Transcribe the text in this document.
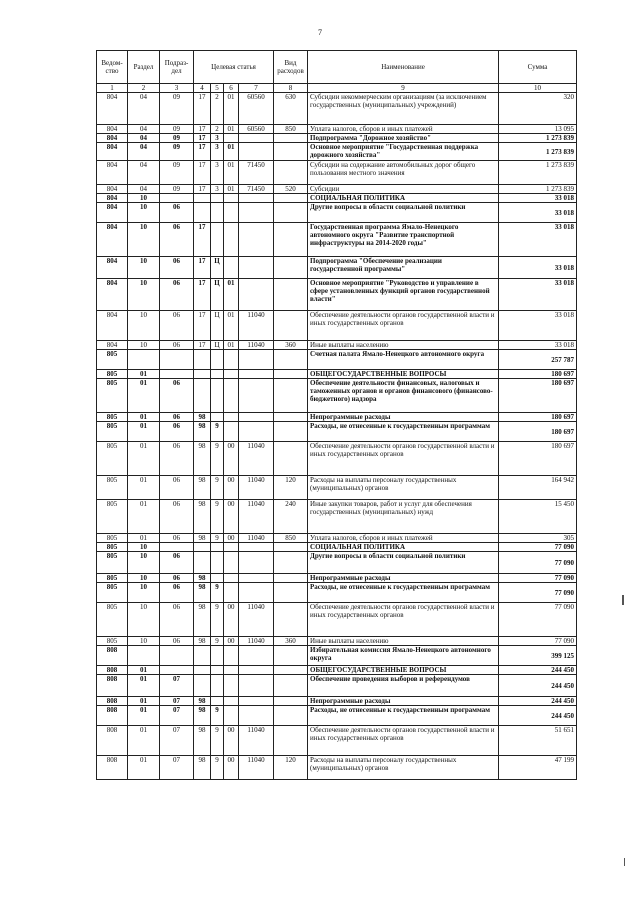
7
Ведом-ство	Раздел	Подраз-дел	Целевая статья				Вид расходов	Наименование	Сумма
1	2	3	4	5	6	7	8	9	10
804	04	09	17	2	01	60560	630	Субсидии некоммерческим организациям (за исключением государственных (муниципальных) учреждений)	320
804	04	09	17	2	01	60560	850	Уплата налогов, сборов и иных платежей	13 095
804	04	09	17	3				Подпрограмма "Дорожное хозяйство"	1 273 839
804	04	09	17	3	01			Основное мероприятие "Государственная поддержка дорожного хозяйства"	1 273 839
804	04	09	17	3	01	71450		Субсидии на содержание автомобильных дорог общего пользования местного значения	1 273 839
804	04	09	17	3	01	71450	520	Субсидии	1 273 839
804	10							СОЦИАЛЬНАЯ ПОЛИТИКА	33 018
804	10	06						Другие вопросы в области социальной политики	33 018
804	10	06	17					Государственная программа Ямало-Ненецкого автономного округа "Развитие транспортной инфраструктуры на 2014-2020 годы"	33 018
804	10	06	17	Ц				Подпрограмма "Обеспечение реализации государственной программы"	33 018
804	10	06	17	Ц	01			Основное мероприятие "Руководство и управление в сфере установленных функций органов государственной власти"	33 018
804	10	06	17	Ц	01	11040		Обеспечение деятельности органов государственной власти и иных государственных органов	33 018
804	10	06	17	Ц	01	11040	360	Иные выплаты населению	33 018
805								Счетная палата Ямало-Ненецкого автономного округа	257 787
805	01							ОБЩЕГОСУДАРСТВЕННЫЕ ВОПРОСЫ	180 697
805	01	06						Обеспечение деятельности финансовых, налоговых и таможенных органов и органов финансового (финансово-бюджетного) надзора	180 697
805	01	06	98					Непрограммные расходы	180 697
805	01	06	98	9				Расходы, не отнесенные к государственным программам	180 697
805	01	06	98	9	00	11040		Обеспечение деятельности органов государственной власти и иных государственных органов	180 697
805	01	06	98	9	00	11040	120	Расходы на выплаты персоналу государственных (муниципальных) органов	164 942
805	01	06	98	9	00	11040	240	Иные закупки товаров, работ и услуг для обеспечения государственных (муниципальных) нужд	15 450
805	01	06	98	9	00	11040	850	Уплата налогов, сборов и иных платежей	305
805	10							СОЦИАЛЬНАЯ ПОЛИТИКА	77 090
805	10	06						Другие вопросы в области социальной политики	77 090
805	10	06	98					Непрограммные расходы	77 090
805	10	06	98	9				Расходы, не отнесенные к государственным программам	77 090
805	10	06	98	9	00	11040		Обеспечение деятельности органов государственной власти и иных государственных органов	77 090
805	10	06	98	9	00	11040	360	Иные выплаты населению	77 090
808								Избирательная комиссия Ямало-Ненецкого автономного округа	399 125
808	01							ОБЩЕГОСУДАРСТВЕННЫЕ ВОПРОСЫ	244 450
808	01	07						Обеспечение проведения выборов и референдумов	244 450
808	01	07	98					Непрограммные расходы	244 450
808	01	07	98	9				Расходы, не отнесенные к государственным программам	244 450
808	01	07	98	9	00	11040		Обеспечение деятельности органов государственной власти и иных государственных органов	51 651
808	01	07	98	9	00	11040	120	Расходы на выплаты персоналу государственных (муниципальных) органов	47 199
